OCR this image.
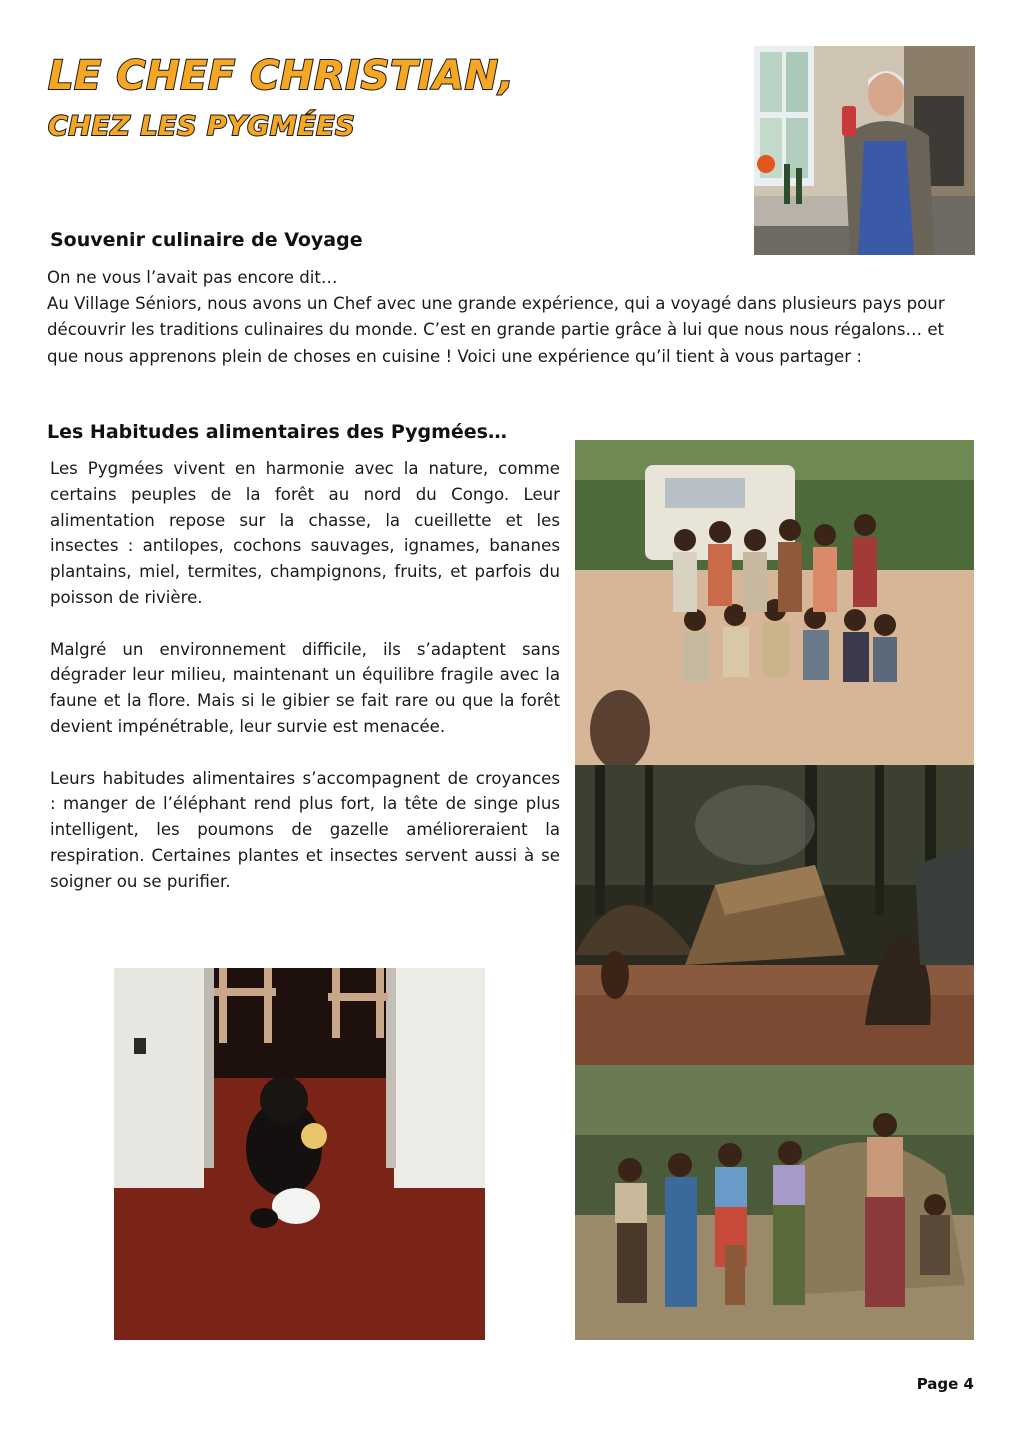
LE CHEF CHRISTIAN,
CHEZ LES PYGMÉES
Souvenir culinaire de Voyage

On ne vous l’avait pas encore dit…

Au Village Séniors, nous avons un Chef avec une grande expérience, qui a voyagé dans plusieurs pays pour découvrir les traditions culinaires du monde. C’est en grande partie grâce à lui que nous nous régalons… et que nous apprenons plein de choses en cuisine ! Voici une expérience qu’il tient à vous partager :

Les Habitudes alimentaires des Pygmées…

Les Pygmées vivent en harmonie avec la nature, comme certains peuples de la forêt au nord du Congo. Leur alimentation repose sur la chasse, la cueillette et les insectes : antilopes, cochons sauvages, ignames, bananes plantains, miel, termites, champignons, fruits, et parfois du poisson de rivière.

Malgré un environnement difficile, ils s’adaptent sans dégrader leur milieu, maintenant un équilibre fragile avec la faune et la flore. Mais si le gibier se fait rare ou que la forêt devient impénétrable, leur survie est menacée.

Leurs habitudes alimentaires s’accompagnent de croyances : manger de l’éléphant rend plus fort, la tête de singe plus intelligent, les poumons de gazelle amélioreraient la respiration. Certaines plantes et insectes servent aussi à se soigner ou se purifier.

Page 4
